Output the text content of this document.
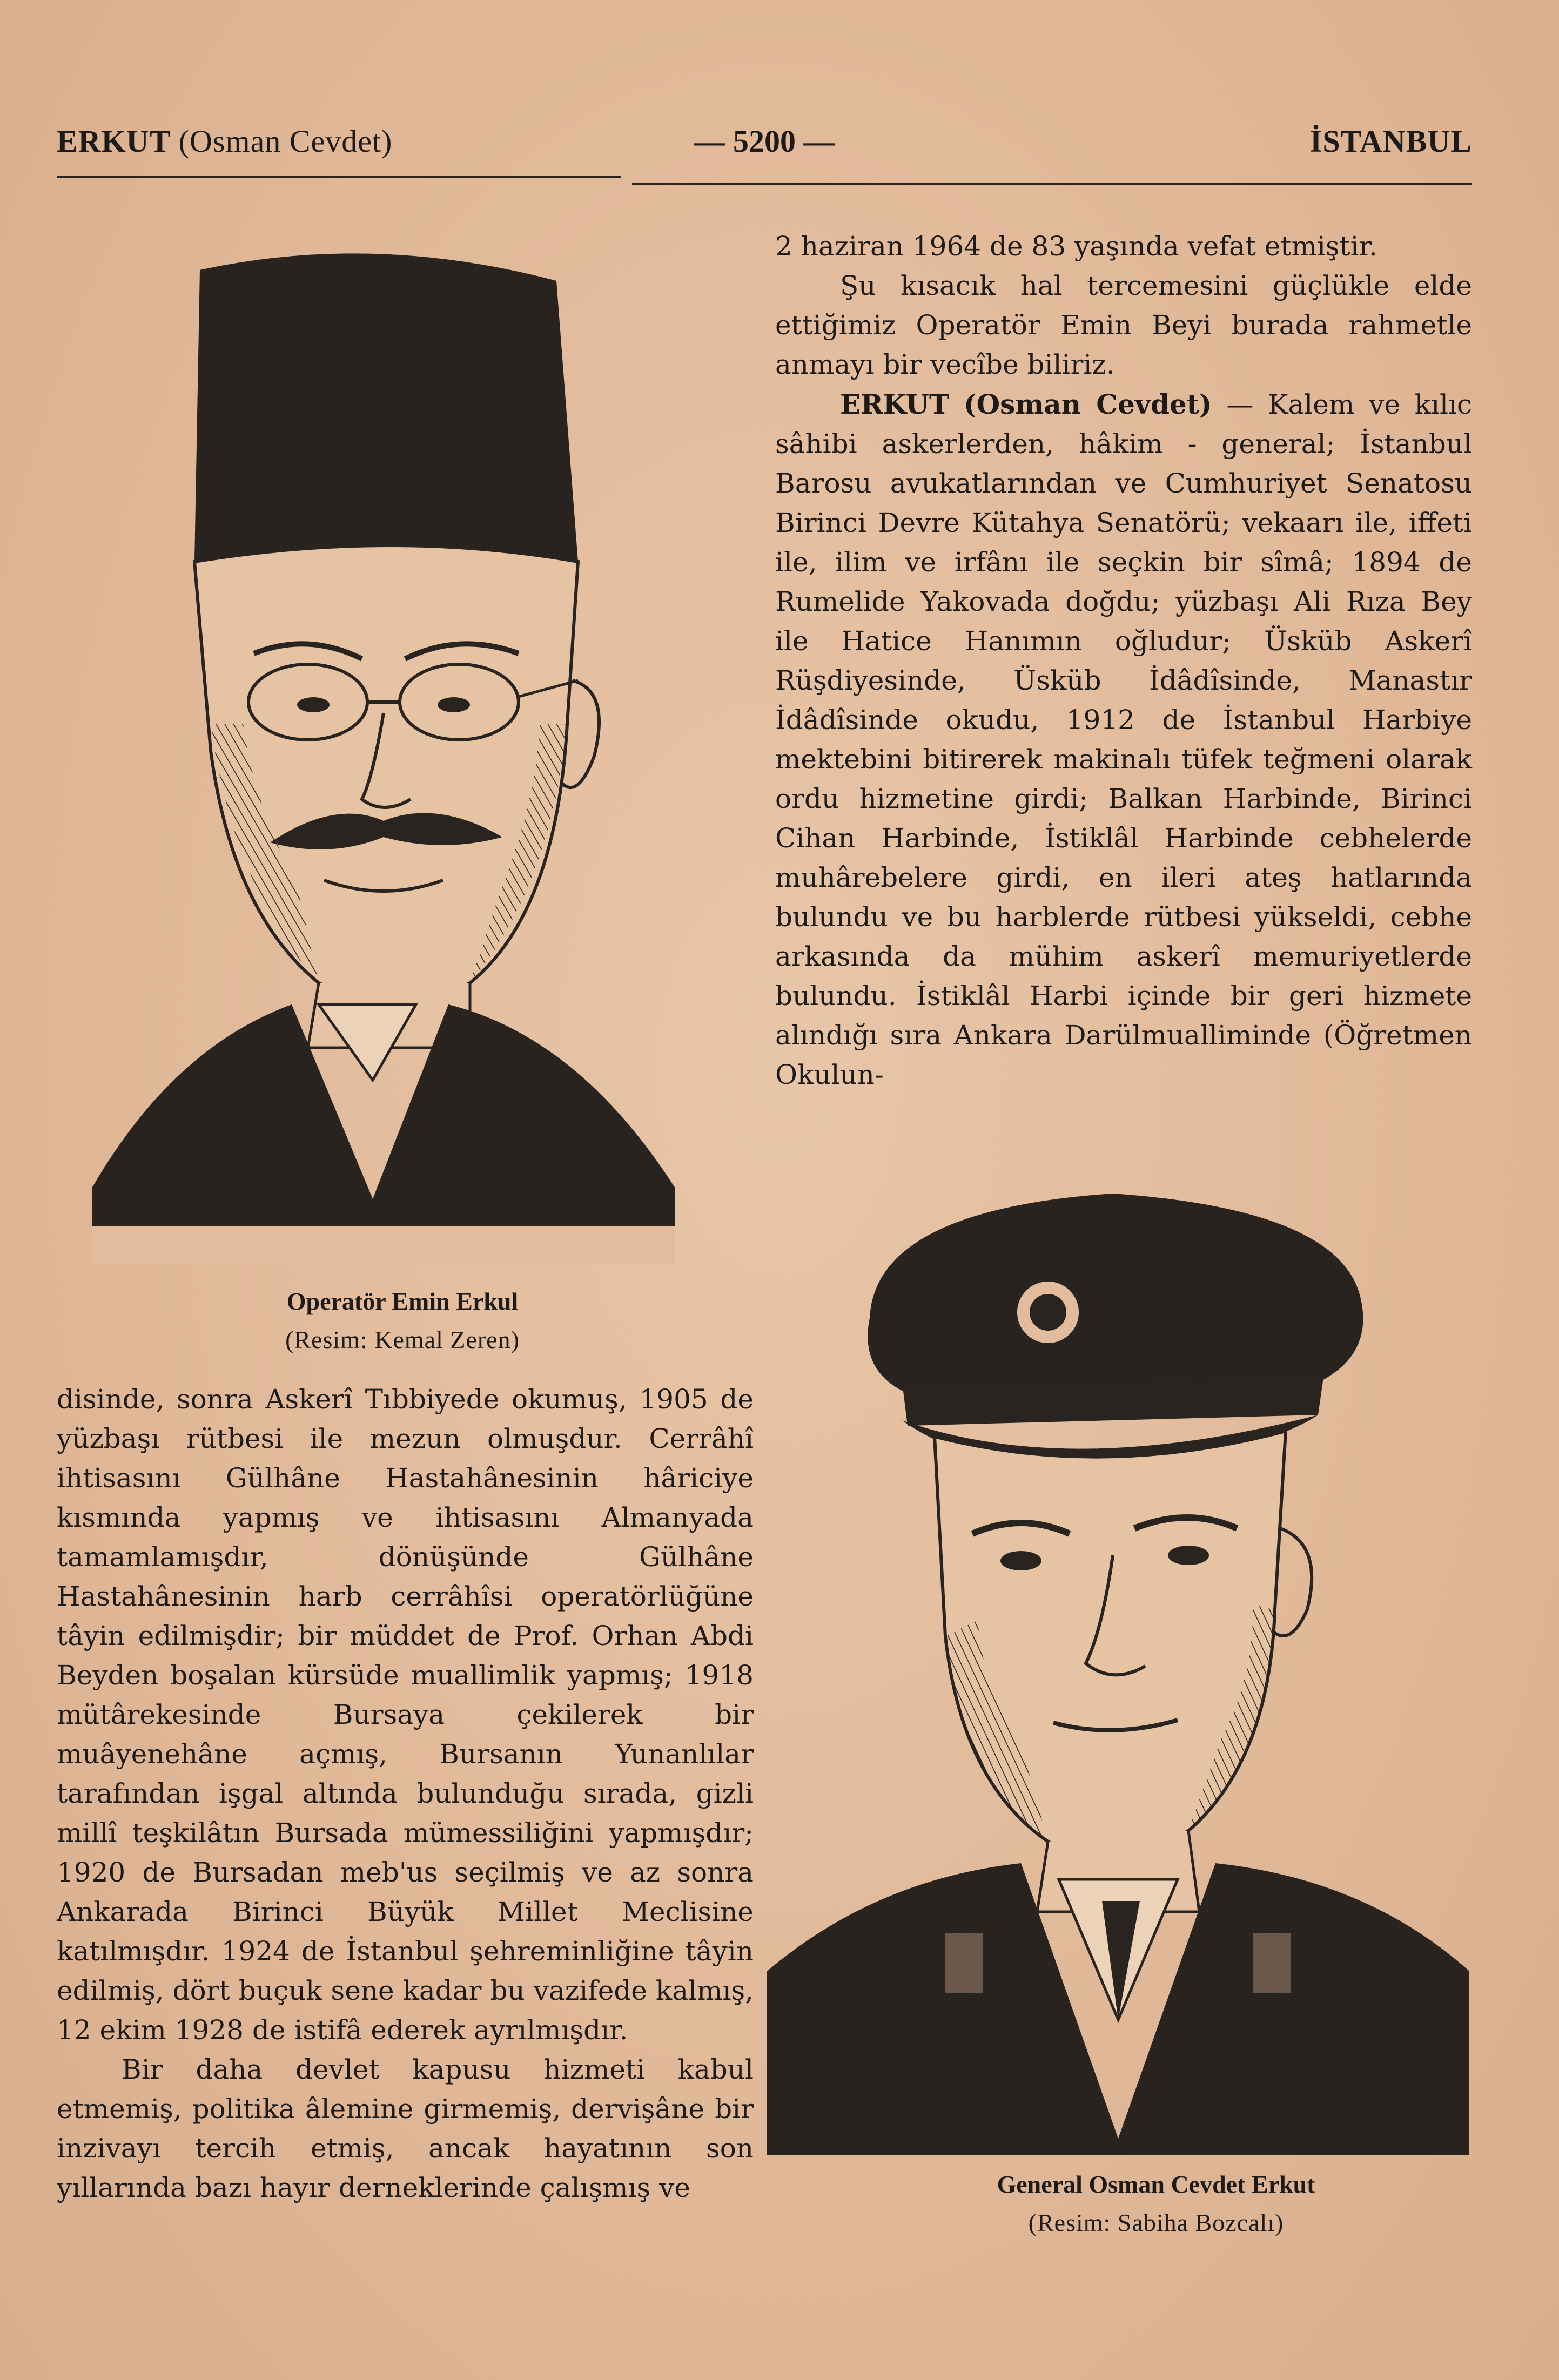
ERKUT (Osman Cevdet)	— 5200 —	İSTANBUL
Operatör Emin Erkul
(Resim: Kemal Zeren)

2 haziran 1964 de 83 yaşında vefat etmiştir.

Şu kısacık hal tercemesini güçlükle elde ettiğimiz Operatör Emin Beyi burada rahmetle anmayı bir vecîbe biliriz.

ERKUT (Osman Cevdet) — Kalem ve kılıc sâhibi askerlerden, hâkim - general; İstanbul Barosu avukatlarından ve Cumhuriyet Senatosu Birinci Devre Kütahya Senatörü; vekaarı ile, iffeti ile, ilim ve irfânı ile seçkin bir sîmâ; 1894 de Rumelide Yakovada doğdu; yüzbaşı Ali Rıza Bey ile Hatice Hanımın oğludur; Üsküb Askerî Rüşdiyesinde, Üsküb İdâdîsinde, Manastır İdâdîsinde okudu, 1912 de İstanbul Harbiye mektebini bitirerek makinalı tüfek teğmeni olarak ordu hizmetine girdi; Balkan Harbinde, Birinci Cihan Harbinde, İstiklâl Harbinde cebhelerde muhârebelere girdi, en ileri ateş hatlarında bulundu ve bu harblerde rütbesi yükseldi, cebhe arkasında da mühim askerî memuriyetlerde bulundu. İstiklâl Harbi içinde bir geri hizmete alındığı sıra Ankara Darülmualliminde (Öğretmen Okulun-

disinde, sonra Askerî Tıbbiyede okumuş, 1905 de yüzbaşı rütbesi ile mezun olmuşdur. Cerrâhî ihtisasını Gülhâne Hastahânesinin hâriciye kısmında yapmış ve ihtisasını Almanyada tamamlamışdır, dönüşünde Gülhâne Hastahânesinin harb cerrâhîsi operatörlüğüne tâyin edilmişdir; bir müddet de Prof. Orhan Abdi Beyden boşalan kürsüde muallimlik yapmış; 1918 mütârekesinde Bursaya çekilerek bir muâyenehâne açmış, Bursanın Yunanlılar tarafından işgal altında bulunduğu sırada, gizli millî teşkilâtın Bursada mümessiliğini yapmışdır; 1920 de Bursadan meb'us seçilmiş ve az sonra Ankarada Birinci Büyük Millet Meclisine katılmışdır. 1924 de İstanbul şehreminliğine tâyin edilmiş, dört buçuk sene kadar bu vazifede kalmış, 12 ekim 1928 de istifâ ederek ayrılmışdır.

Bir daha devlet kapusu hizmeti kabul etmemiş, politika âlemine girmemiş, dervişâne bir inzivayı tercih etmiş, ancak hayatının son yıllarında bazı hayır derneklerinde çalışmış ve	General Osman Cevdet Erkut
(Resim: Sabiha Bozcalı)
